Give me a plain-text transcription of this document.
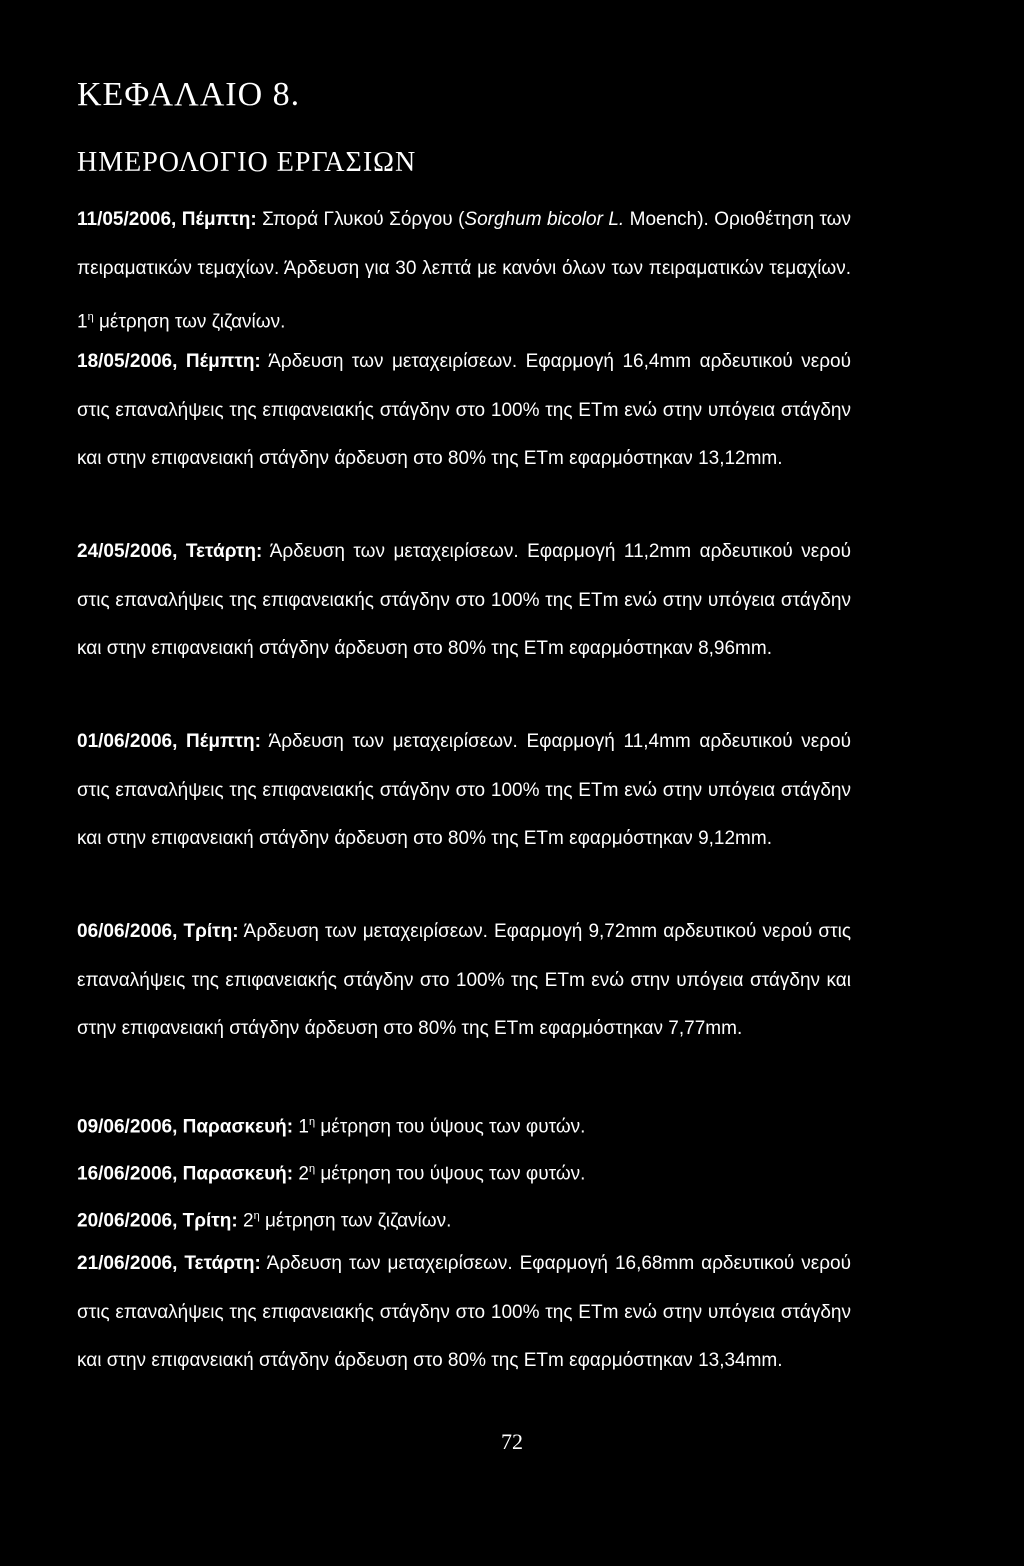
ΚΕΦΑΛΑΙΟ 8.
ΗΜΕΡΟΛΟΓΙΟ ΕΡΓΑΣΙΩΝ

11/05/2006, Πέμπτη: Σπορά Γλυκού Σόργου (Sorghum bicolor L. Moench). Οριοθέτηση των πειραματικών τεμαχίων. Άρδευση για 30 λεπτά με κανόνι όλων των πειραματικών τεμαχίων. $1^\eta$ μέτρηση των ζιζανίων.

18/05/2006, Πέμπτη: Άρδευση των μεταχειρίσεων. Εφαρμογή 16,4mm αρδευτικού νερού στις επαναλήψεις της επιφανειακής στάγδην στο 100% της ETm ενώ στην υπόγεια στάγδην και στην επιφανειακή στάγδην άρδευση στο 80% της ETm εφαρμόστηκαν 13,12mm.

24/05/2006, Τετάρτη: Άρδευση των μεταχειρίσεων. Εφαρμογή 11,2mm αρδευτικού νερού στις επαναλήψεις της επιφανειακής στάγδην στο 100% της ETm ενώ στην υπόγεια στάγδην και στην επιφανειακή στάγδην άρδευση στο 80% της ETm εφαρμόστηκαν 8,96mm.

01/06/2006, Πέμπτη: Άρδευση των μεταχειρίσεων. Εφαρμογή 11,4mm αρδευτικού νερού στις επαναλήψεις της επιφανειακής στάγδην στο 100% της ETm ενώ στην υπόγεια στάγδην και στην επιφανειακή στάγδην άρδευση στο 80% της ETm εφαρμόστηκαν 9,12mm.

06/06/2006, Τρίτη: Άρδευση των μεταχειρίσεων. Εφαρμογή 9,72mm αρδευτικού νερού στις επαναλήψεις της επιφανειακής στάγδην στο 100% της ETm ενώ στην υπόγεια στάγδην και στην επιφανειακή στάγδην άρδευση στο 80% της ETm εφαρμόστηκαν 7,77mm.

09/06/2006, Παρασκευή: $1^\eta$ μέτρηση του ύψους των φυτών.

16/06/2006, Παρασκευή: $2^\eta$ μέτρηση του ύψους των φυτών.

20/06/2006, Τρίτη: $2^\eta$ μέτρηση των ζιζανίων.

21/06/2006, Τετάρτη: Άρδευση των μεταχειρίσεων. Εφαρμογή 16,68mm αρδευτικού νερού στις επαναλήψεις της επιφανειακής στάγδην στο 100% της ETm ενώ στην υπόγεια στάγδην και στην επιφανειακή στάγδην άρδευση στο 80% της ETm εφαρμόστηκαν 13,34mm.

72
